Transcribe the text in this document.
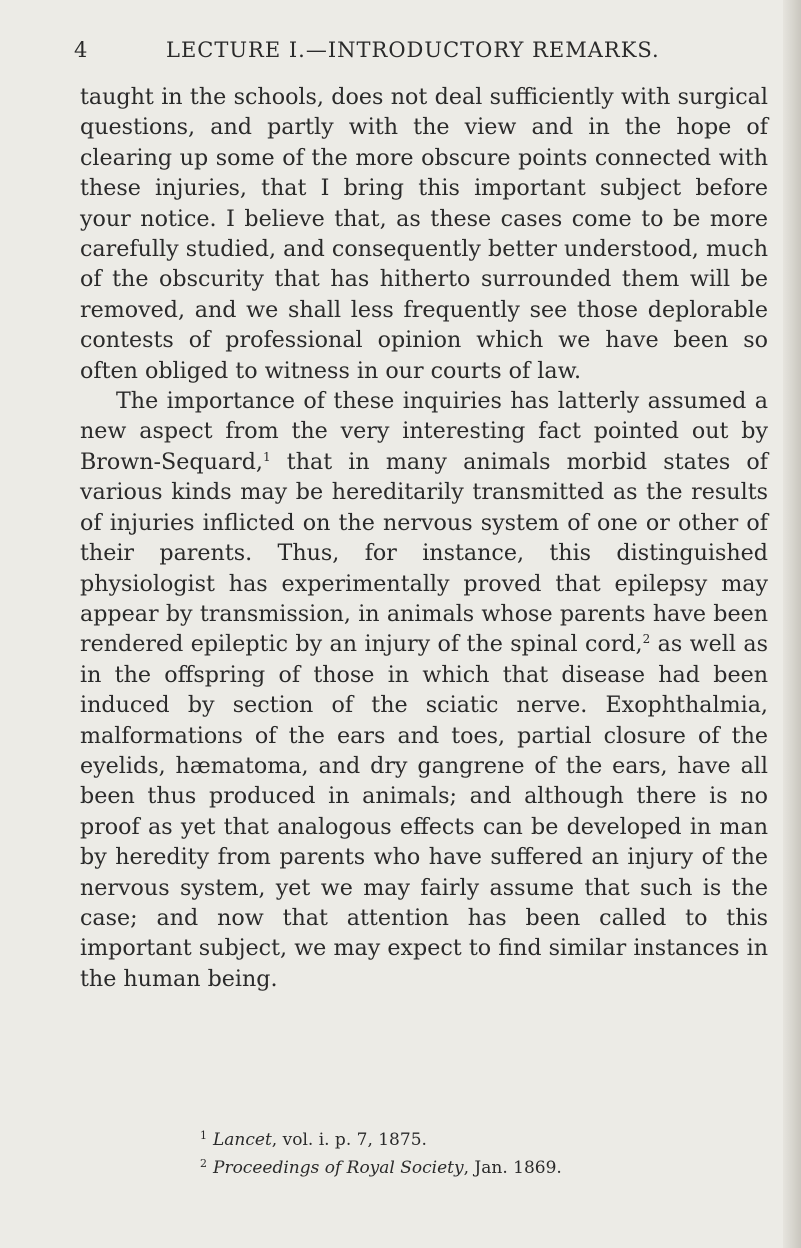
4	LECTURE I.—INTRODUCTORY REMARKS.

taught in the schools, does not deal sufficiently with surgical questions, and partly with the view and in the hope of clearing up some of the more obscure points connected with these injuries, that I bring this important subject before your notice. I believe that, as these cases come to be more carefully studied, and consequently better understood, much of the obscurity that has hitherto surrounded them will be removed, and we shall less frequently see those deplorable contests of professional opinion which we have been so often obliged to witness in our courts of law.

The importance of these inquiries has latterly assumed a new aspect from the very interesting fact pointed out by Brown-Sequard,$^1$ that in many animals morbid states of various kinds may be hereditarily transmitted as the results of injuries inflicted on the nervous system of one or other of their parents. Thus, for instance, this distinguished physiologist has experimentally proved that epilepsy may appear by transmission, in animals whose parents have been rendered epileptic by an injury of the spinal cord,$^2$ as well as in the offspring of those in which that disease had been induced by section of the sciatic nerve. Exophthalmia, malformations of the ears and toes, partial closure of the eyelids, hæmatoma, and dry gangrene of the ears, have all been thus produced in animals; and although there is no proof as yet that analogous effects can be developed in man by heredity from parents who have suffered an injury of the nervous system, yet we may fairly assume that such is the case; and now that attention has been called to this important subject, we may expect to find similar instances in the human being.

$^1$ Lancet, vol. i. p. 7, 1875.

$^2$ Proceedings of Royal Society, Jan. 1869.
